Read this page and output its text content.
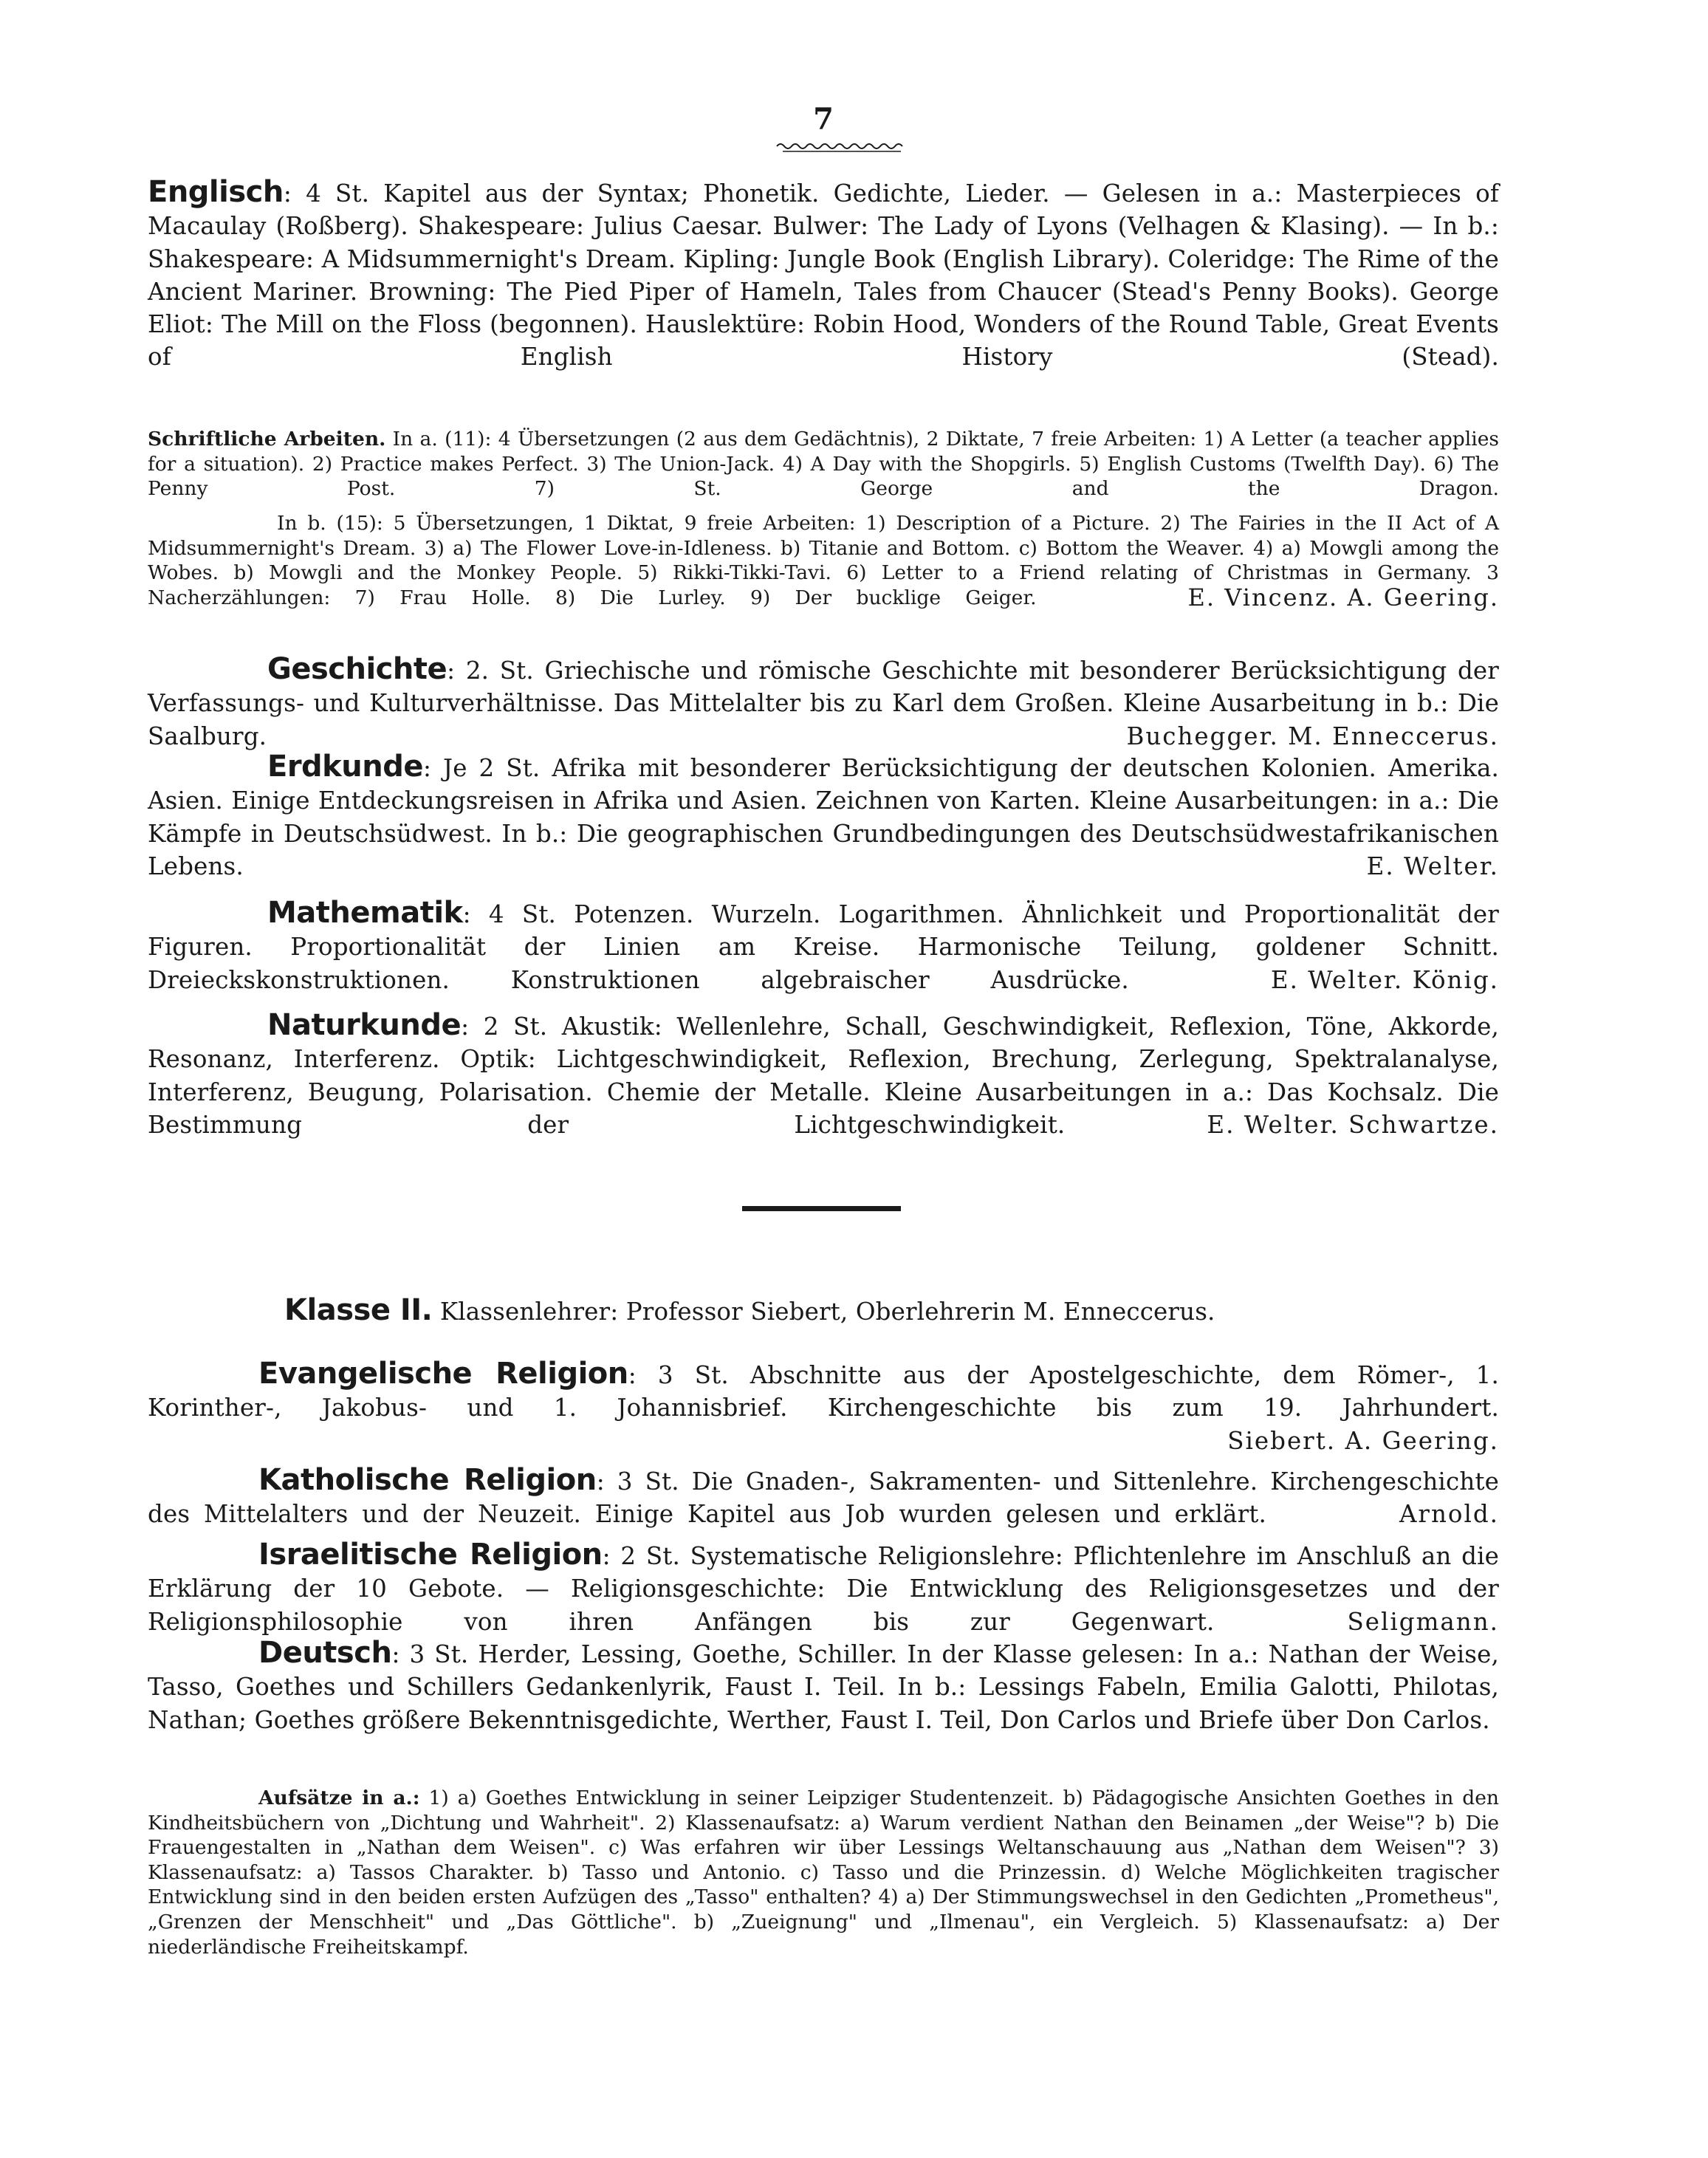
7

Englisch: 4 St. Kapitel aus der Syntax; Phonetik. Gedichte, Lieder. — Gelesen in a.: Masterpieces of Macaulay (Roßberg). Shakespeare: Julius Caesar. Bulwer: The Lady of Lyons (Velhagen & Klasing). — In b.: Shakespeare: A Midsummernight's Dream. Kipling: Jungle Book (English Library). Coleridge: The Rime of the Ancient Mariner. Browning: The Pied Piper of Hameln, Tales from Chaucer (Stead's Penny Books). George Eliot: The Mill on the Floss (begonnen). Hauslektüre: Robin Hood, Wonders of the Round Table, Great Events of English History (Stead).

Schriftliche Arbeiten. In a. (11): 4 Übersetzungen (2 aus dem Gedächtnis), 2 Diktate, 7 freie Arbeiten: 1) A Letter (a teacher applies for a situation). 2) Practice makes Perfect. 3) The Union-Jack. 4) A Day with the Shopgirls. 5) English Customs (Twelfth Day). 6) The Penny Post. 7) St. George and the Dragon.

In b. (15): 5 Übersetzungen, 1 Diktat, 9 freie Arbeiten: 1) Description of a Picture. 2) The Fairies in the II Act of A Midsummernight's Dream. 3) a) The Flower Love-in-Idleness. b) Titanie and Bottom. c) Bottom the Weaver. 4) a) Mowgli among the Wobes. b) Mowgli and the Monkey People. 5) Rikki-Tikki-Tavi. 6) Letter to a Friend relating of Christmas in Germany. 3 Nacherzählungen: 7) Frau Holle. 8) Die Lurley. 9) Der bucklige Geiger.	E. Vincenz. A. Geering.

Geschichte: 2. St. Griechische und römische Geschichte mit besonderer Berücksichtigung der Verfassungs- und Kulturverhältnisse. Das Mittelalter bis zu Karl dem Großen. Kleine Ausarbeitung in b.: Die Saalburg.	Buchegger. M. Enneccerus.

Erdkunde: Je 2 St. Afrika mit besonderer Berücksichtigung der deutschen Kolonien. Amerika. Asien. Einige Entdeckungsreisen in Afrika und Asien. Zeichnen von Karten. Kleine Ausarbeitungen: in a.: Die Kämpfe in Deutschsüdwest. In b.: Die geographischen Grundbedingungen des Deutschsüdwestafrikanischen Lebens.	E. Welter.

Mathematik: 4 St. Potenzen. Wurzeln. Logarithmen. Ähnlichkeit und Proportionalität der Figuren. Proportionalität der Linien am Kreise. Harmonische Teilung, goldener Schnitt. Dreieckskonstruktionen. Konstruktionen algebraischer Ausdrücke.	E. Welter. König.

Naturkunde: 2 St. Akustik: Wellenlehre, Schall, Geschwindigkeit, Reflexion, Töne, Akkorde, Resonanz, Interferenz. Optik: Lichtgeschwindigkeit, Reflexion, Brechung, Zerlegung, Spektralanalyse, Interferenz, Beugung, Polarisation. Chemie der Metalle. Kleine Ausarbeitungen in a.: Das Kochsalz. Die Bestimmung der Lichtgeschwindigkeit.	E. Welter. Schwartze.

Klasse II. Klassenlehrer: Professor Siebert, Oberlehrerin M. Enneccerus.

Evangelische Religion: 3 St. Abschnitte aus der Apostelgeschichte, dem Römer-, 1. Korinther-, Jakobus- und 1. Johannisbrief. Kirchengeschichte bis zum 19. Jahrhundert.
Siebert. A. Geering.

Katholische Religion: 3 St. Die Gnaden-, Sakramenten- und Sittenlehre. Kirchengeschichte des Mittelalters und der Neuzeit. Einige Kapitel aus Job wurden gelesen und erklärt.	Arnold.

Israelitische Religion: 2 St. Systematische Religionslehre: Pflichtenlehre im Anschluß an die Erklärung der 10 Gebote. — Religionsgeschichte: Die Entwicklung des Religionsgesetzes und der Religionsphilosophie von ihren Anfängen bis zur Gegenwart.	Seligmann.

Deutsch: 3 St. Herder, Lessing, Goethe, Schiller. In der Klasse gelesen: In a.: Nathan der Weise, Tasso, Goethes und Schillers Gedankenlyrik, Faust I. Teil. In b.: Lessings Fabeln, Emilia Galotti, Philotas, Nathan; Goethes größere Bekenntnisgedichte, Werther, Faust I. Teil, Don Carlos und Briefe über Don Carlos.

Aufsätze in a.: 1) a) Goethes Entwicklung in seiner Leipziger Studentenzeit. b) Pädagogische Ansichten Goethes in den Kindheitsbüchern von „Dichtung und Wahrheit". 2) Klassenaufsatz: a) Warum verdient Nathan den Beinamen „der Weise"? b) Die Frauengestalten in „Nathan dem Weisen". c) Was erfahren wir über Lessings Weltanschauung aus „Nathan dem Weisen"? 3) Klassenaufsatz: a) Tassos Charakter. b) Tasso und Antonio. c) Tasso und die Prinzessin. d) Welche Möglichkeiten tragischer Entwicklung sind in den beiden ersten Aufzügen des „Tasso" enthalten? 4) a) Der Stimmungswechsel in den Gedichten „Prometheus", „Grenzen der Menschheit" und „Das Göttliche". b) „Zueignung" und „Ilmenau", ein Vergleich. 5) Klassenaufsatz: a) Der niederländische Freiheitskampf.
